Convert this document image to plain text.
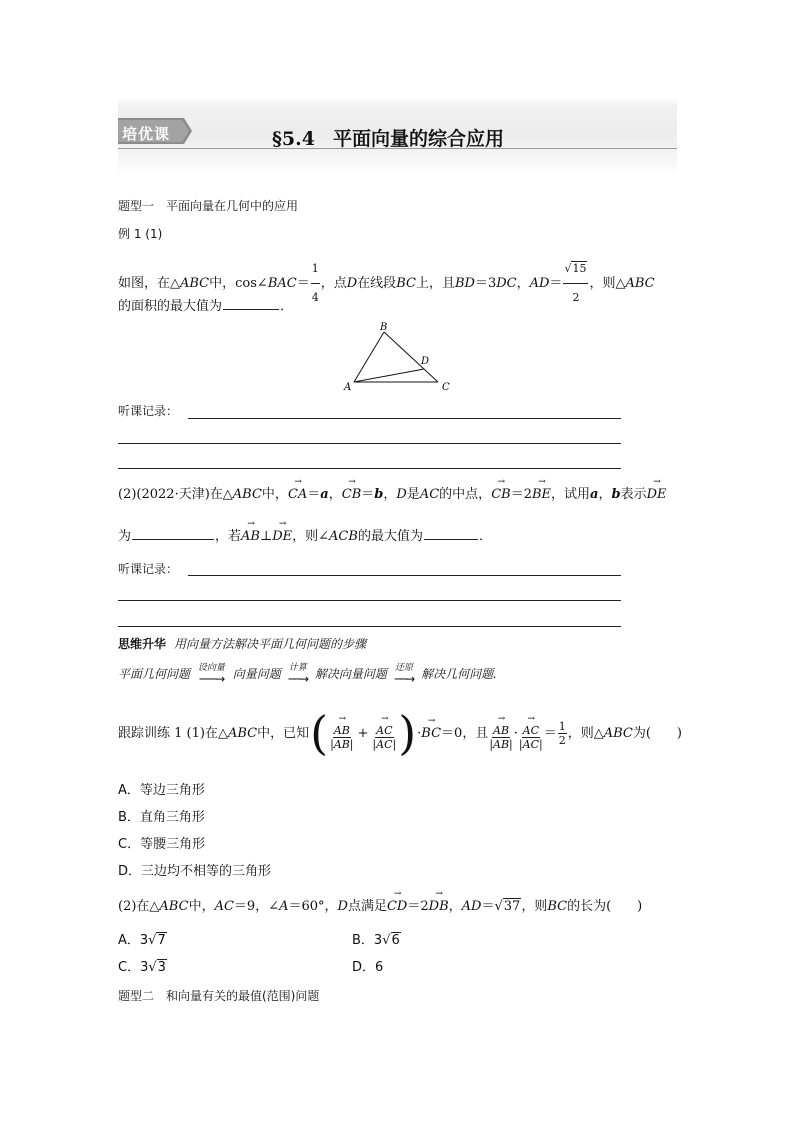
培优课	§5.4 平面向量的综合应用
题型一　平面向量在几何中的应用
例 1 (1)
如图，在△ABC中，cos∠BAC＝ $\frac{1}{4}$ ，点D在线段BC上，且BD＝3DC，$AD= \frac{√15}{2}$ ，则△ABC
的面积的最大值为	．
A
B
C
D
听课记录：
(2)(2022·天津)在△ABC中，→ CA＝a，→ CB＝b，D是AC的中点，→ CB＝2→ BE，试用a，b表示→ DE
为	，若→ AB⊥→ DE，则∠ACB的最大值为	．
听课记录：
思维升华 用向量方法解决平面几何问题的步骤
平面几何问题 设向量
───→ 向量问题 计算
──→ 解决向量问题 还原
──→ 解决几何问题.
跟踪训练 1 (1)在△ ABC 中，已知 ( → $\frac{AB}{|AB|}$ + → $\frac{AC}{|AC|}$ ) · → BC ＝0，且 → $\frac{AB}{|AB|}$ · → $\frac{AC}{|AC|} = \frac{1}{2}$ ，则△ ABC 为(　　)
A．等边三角形
B．直角三角形
C．等腰三角形
D．三边均不相等的三角形
(2)在△ABC中，AC＝9，∠A＝60°，D点满足→ CD＝2→ DB，AD＝√37，则BC的长为(　　)
A．3√7	B．3√6
C．3√3	D．6
题型二　和向量有关的最值(范围)问题
